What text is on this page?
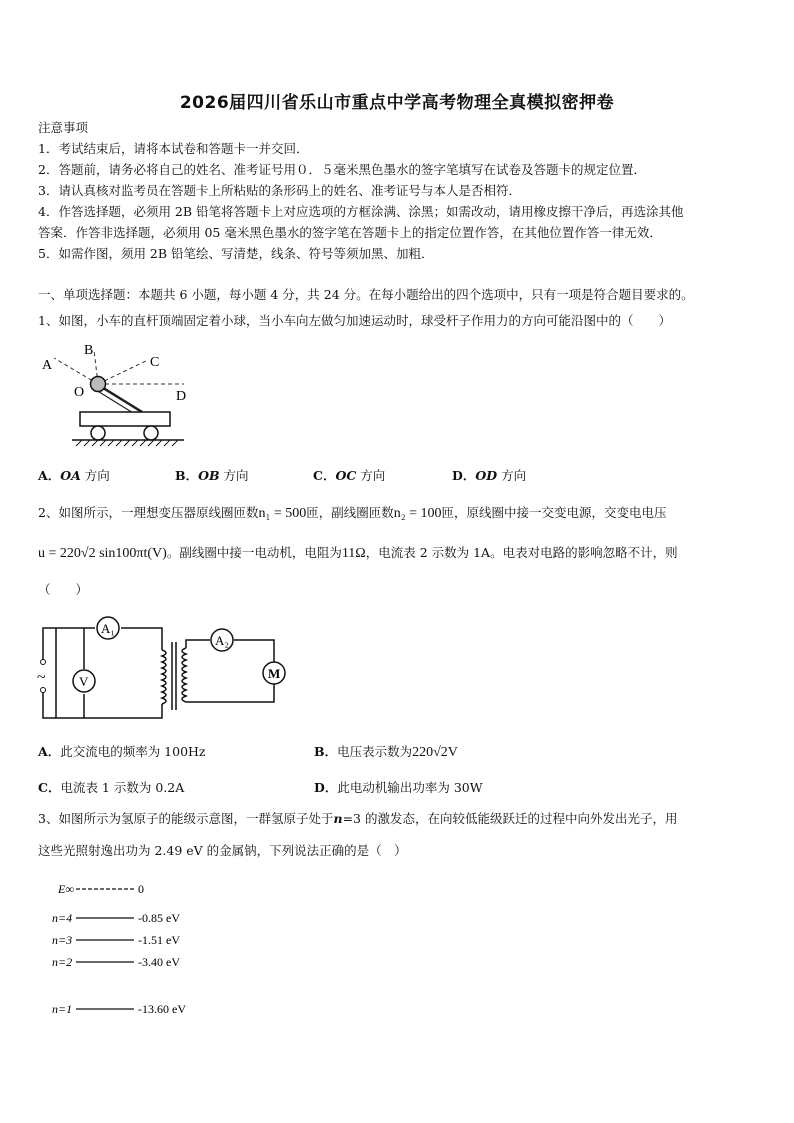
2026届四川省乐山市重点中学高考物理全真模拟密押卷
注意事项
1．考试结束后，请将本试卷和答题卡一并交回．
2．答题前，请务必将自己的姓名、准考证号用０．５毫米黑色墨水的签字笔填写在试卷及答题卡的规定位置．
3．请认真核对监考员在答题卡上所粘贴的条形码上的姓名、准考证号与本人是否相符．
4．作答选择题，必须用 2B 铅笔将答题卡上对应选项的方框涂满、涂黑；如需改动，请用橡皮擦干净后，再选涂其他
答案．作答非选择题，必须用 05 毫米黑色墨水的签字笔在答题卡上的指定位置作答，在其他位置作答一律无效．
5．如需作图，须用 2B 铅笔绘、写清楚，线条、符号等须加黑、加粗．
一、单项选择题：本题共 6 小题，每小题 4 分，共 24 分。在每小题给出的四个选项中，只有一项是符合题目要求的。
1、如图，小车的直杆顶端固定着小球，当小车向左做匀加速运动时，球受杆子作用力的方向可能沿图中的（　　）
A
B
C
O	D
A．OA 方向	B．OB 方向	C．OC 方向	D．OD 方向
2、如图所示，一理想变压器原线圈匝数n₁ = 500匝，副线圈匝数n₂ = 100匝，原线圈中接一交变电源，交变电电压
u = 220√2 sin100πt(V)。副线圈中接一电动机，电阻为11Ω，电流表 2 示数为 1A。电表对电路的影响忽略不计，则
（　　）
~
A₁
V
A₂
M
A．此交流电的频率为 100Hz	B．电压表示数为220√2V
C．电流表 1 示数为 0.2A	D．此电动机输出功率为 30W
3、如图所示为氢原子的能级示意图，一群氢原子处于n=3 的激发态，在向较低能级跃迁的过程中向外发出光子，用
这些光照射逸出功为 2.49 eV 的金属钠，下列说法正确的是（　）
E∞	0
n=4	-0.85 eV
n=3	-1.51 eV
n=2	-3.40 eV
n=1	-13.60 eV
